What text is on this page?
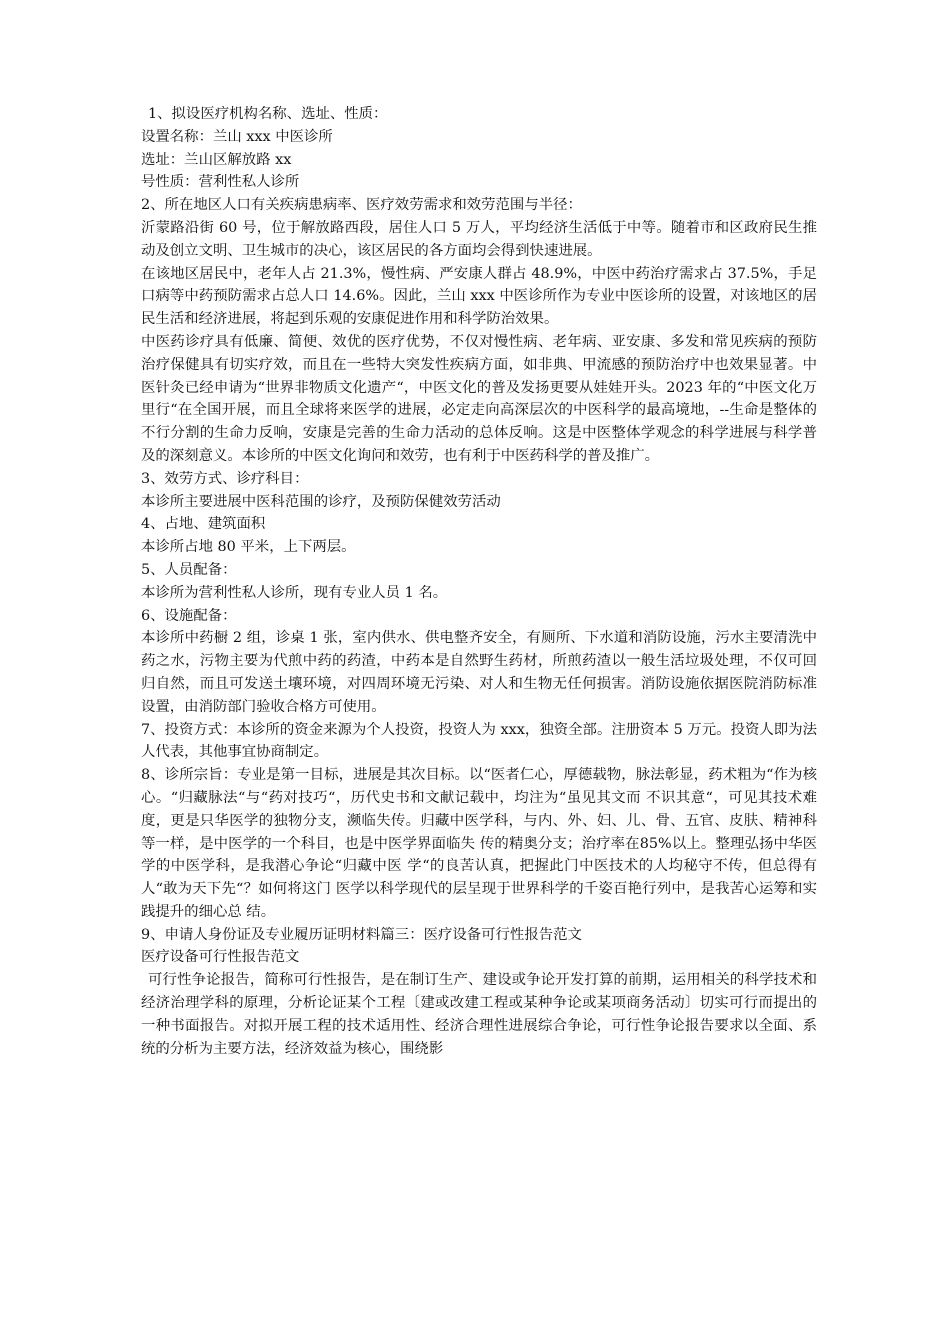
1、拟设医疗机构名称、选址、性质：

设置名称：兰山 xxx 中医诊所

选址：兰山区解放路 xx

号性质：营利性私人诊所

2、所在地区人口有关疾病患病率、医疗效劳需求和效劳范围与半径：

沂蒙路沿街 60 号，位于解放路西段，居住人口 5 万人，平均经济生活低于中等。随着市和区政府民生推动及创立文明、卫生城市的决心，该区居民的各方面均会得到快速进展。

在该地区居民中，老年人占 21.3%，慢性病、严安康人群占 48.9%，中医中药治疗需求占 37.5%，手足口病等中药预防需求占总人口 14.6%。因此，兰山 xxx 中医诊所作为专业中医诊所的设置，对该地区的居民生活和经济进展，将起到乐观的安康促进作用和科学防治效果。

中医药诊疗具有低廉、简便、效优的医疗优势，不仅对慢性病、老年病、亚安康、多发和常见疾病的预防治疗保健具有切实疗效，而且在一些特大突发性疾病方面，如非典、甲流感的预防治疗中也效果显著。中医针灸已经申请为“世界非物质文化遗产“，中医文化的普及发扬更要从娃娃开头。2023 年的“中医文化万里行“在全国开展，而且全球将来医学的进展，必定走向高深层次的中医科学的最高境地，--生命是整体的不行分割的生命力反响，安康是完善的生命力活动的总体反响。这是中医整体学观念的科学进展与科学普及的深刻意义。本诊所的中医文化询问和效劳，也有利于中医药科学的普及推广。

3、效劳方式、诊疗科目：

本诊所主要进展中医科范围的诊疗，及预防保健效劳活动

4、占地、建筑面积

本诊所占地 80 平米，上下两层。

5、人员配备：

本诊所为营利性私人诊所，现有专业人员 1 名。

6、设施配备：

本诊所中药橱 2 组，诊桌 1 张，室内供水、供电整齐安全，有厕所、下水道和消防设施，污水主要清洗中药之水，污物主要为代煎中药的药渣，中药本是自然野生药材，所煎药渣以一般生活垃圾处理，不仅可回归自然，而且可发送土壤环境，对四周环境无污染、对人和生物无任何损害。消防设施依据医院消防标准设置，由消防部门验收合格方可使用。

7、投资方式：本诊所的资金来源为个人投资，投资人为 xxx，独资全部。注册资本 5 万元。投资人即为法人代表，其他事宜协商制定。

8、诊所宗旨：专业是第一目标，进展是其次目标。以“医者仁心，厚德载物，脉法彰显，药术粗为“作为核心。“归藏脉法“与“药对技巧“，历代史书和文献记载中，均注为“虽见其文而 不识其意“，可见其技术难度，更是只华医学的独物分支，濒临失传。归藏中医学科，与内、外、妇、儿、骨、五官、皮肤、精神科等一样，是中医学的一个科目，也是中医学界面临失 传的精奥分支；治疗率在85%以上。整理弘扬中华医学的中医学科，是我潜心争论“归藏中医 学“的良苦认真，把握此门中医技术的人均秘守不传，但总得有人“敢为天下先“？如何将这门 医学以科学现代的层呈现于世界科学的千姿百艳行列中，是我苦心运筹和实践提升的细心总 结。

9、申请人身份证及专业履历证明材料篇三：医疗设备可行性报告范文

医疗设备可行性报告范文

可行性争论报告，简称可行性报告，是在制订生产、建设或争论开发打算的前期，运用相关的科学技术和经济治理学科的原理，分析论证某个工程〔建或改建工程或某种争论或某项商务活动〕切实可行而提出的一种书面报告。对拟开展工程的技术适用性、经济合理性进展综合争论，可行性争论报告要求以全面、系统的分析为主要方法，经济效益为核心，围绕影
